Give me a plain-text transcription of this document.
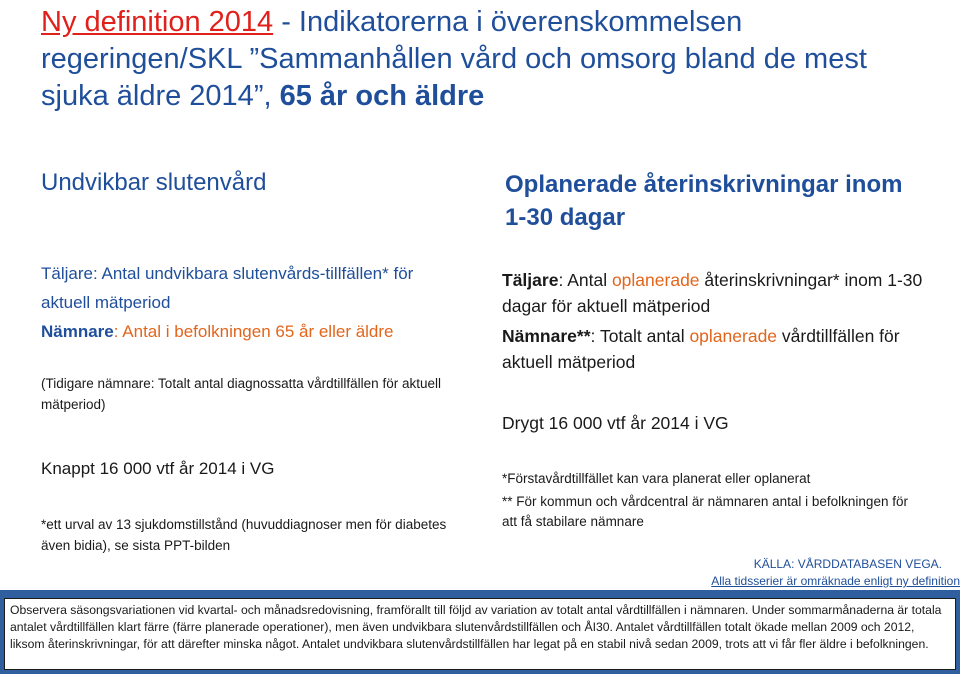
Ny definition 2014 - Indikatorerna i överenskommelsen regeringen/SKL ”Sammanhållen vård och omsorg bland de mest sjuka äldre 2014”, 65 år och äldre
Undvikbar slutenvård
Täljare: Antal undvikbara slutenvårds-tillfällen* för aktuell mätperiod
Nämnare: Antal i befolkningen 65 år eller äldre
(Tidigare nämnare: Totalt antal diagnossatta vårdtillfällen för aktuell mätperiod)
Knappt 16 000 vtf år 2014 i VG
*ett urval av 13 sjukdomstillstånd (huvuddiagnoser men för diabetes även bidia), se sista PPT-bilden
Oplanerade återinskrivningar inom 1-30 dagar
Täljare: Antal oplanerade återinskrivningar* inom 1-30 dagar för aktuell mätperiod
Nämnare**: Totalt antal oplanerade vårdtillfällen för aktuell mätperiod
Drygt 16 000 vtf år 2014 i VG
*Förstavårdtillfället kan vara planerat eller oplanerat
** För kommun och vårdcentral är nämnaren antal i befolkningen för att få stabilare nämnare
KÄLLA: VÅRDDATABASEN VEGA.
Alla tidsserier är omräknade enligt ny definition
Observera säsongsvariationen vid kvartal- och månadsredovisning, framförallt till följd av variation av totalt antal vårdtillfällen i nämnaren. Under sommarmånaderna är totala antalet vårdtillfällen klart färre (färre planerade operationer), men även undvikbara slutenvårdstillfällen och ÅI30. Antalet vårdtillfällen totalt ökade mellan 2009 och 2012, liksom återinskrivningar, för att därefter minska något. Antalet undvikbara slutenvårdstillfällen har legat på en stabil nivå sedan 2009, trots att vi får fler äldre i befolkningen.
